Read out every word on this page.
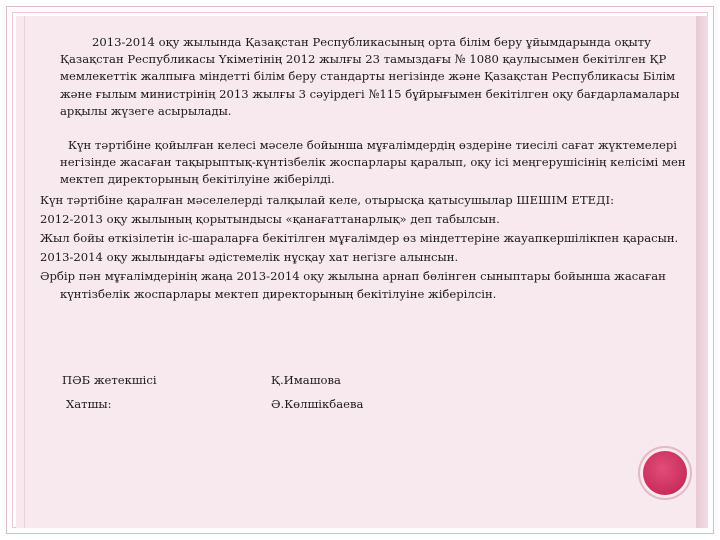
2013-2014 оқу жылында Қазақстан Республикасының орта білім беру ұйымдарында оқыту Қазақстан Республикасы Үкіметінің 2012 жылғы 23 тамыздағы № 1080 қаулысымен бекітілген ҚР мемлекеттік жалпыға міндетті білім беру стандарты негізінде және Қазақстан Республикасы Білім және ғылым министрінің 2013 жылғы 3 сәуірдегі №115 бұйрығымен бекітілген оқу бағдарламалары арқылы жүзеге асырылады.

Күн тәртібіне қойылған келесі мәселе бойынша мұғалімдердің өздеріне тиесілі сағат жүктемелері негізінде жасаған тақырыптық-күнтізбелік жоспарлары қаралып, оқу ісі меңгерушісінің келісімі мен мектеп директорының бекітілуіне жіберілді.

Күн тәртібіне қаралған мәселелерді талқылай келе, отырысқа қатысушылар ШЕШІМ ЕТЕДІ:

2012-2013 оқу жылының қорытындысы «қанағаттанарлық» деп табылсын.

Жыл бойы өткізілетін іс-шараларға бекітілген мұғалімдер өз міндеттеріне жауапкершілікпен қарасын.

2013-2014 оқу жылындағы әдістемелік нұсқау хат негізге алынсын.

Әрбір пән мұғалімдерінің жаңа 2013-2014 оқу жылына арнап бөлінген сыныптары бойынша жасаған күнтізбелік жоспарлары мектеп директорының бекітілуіне жіберілсін.

ПӘБ жетекшісі	Қ.Имашова
Хатшы:	Ә.Көлшікбаева
